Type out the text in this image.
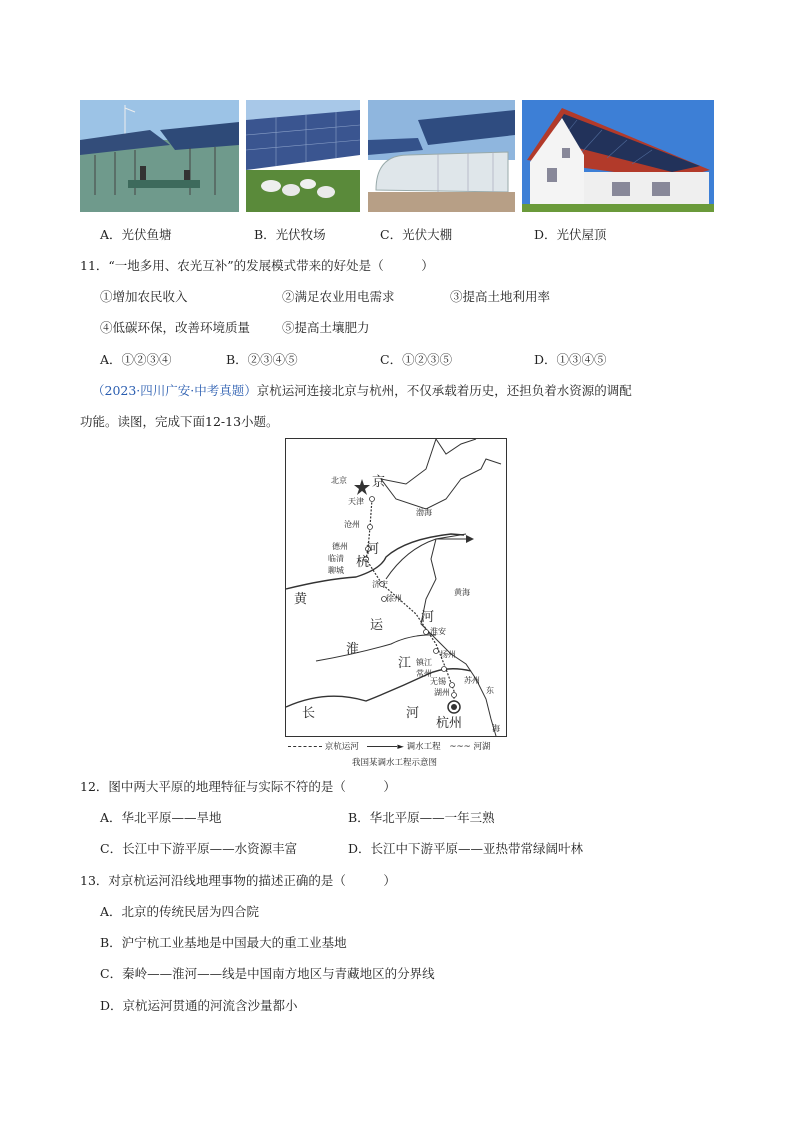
A．光伏鱼塘	B．光伏牧场	C．光伏大棚	D．光伏屋顶
11．“一地多用、农光互补”的发展模式带来的好处是（　　　）
①增加农民收入	②满足农业用电需求	③提高土地利用率
④低碳环保，改善环境质量	⑤提高土壤肥力
A．①②③④	B．②③④⑤	C．①②③⑤	D．①③④⑤
（2023·四川广安·中考真题）京杭运河连接北京与杭州，不仅承载着历史，还担负着水资源的调配
功能。读图，完成下面12-13小题。
北京 京
天津
沧州
德州
临清
聊城
济宁
徐州
淮安
扬州
镇江
常州
无锡 苏州
湖州
杭州
杭
河
黄
运
河
淮
江
长	河
东
海
渤海
黄海
京杭运河	► 调水工程 ~~~ 河湖
我国某调水工程示意图
12．图中两大平原的地理特征与实际不符的是（　　　）
A．华北平原——旱地	B．华北平原——一年三熟
C．长江中下游平原——水资源丰富	D．长江中下游平原——亚热带常绿阔叶林
13．对京杭运河沿线地理事物的描述正确的是（　　　）
A．北京的传统民居为四合院
B．沪宁杭工业基地是中国最大的重工业基地
C．秦岭——淮河——线是中国南方地区与青藏地区的分界线
D．京杭运河贯通的河流含沙量都小
